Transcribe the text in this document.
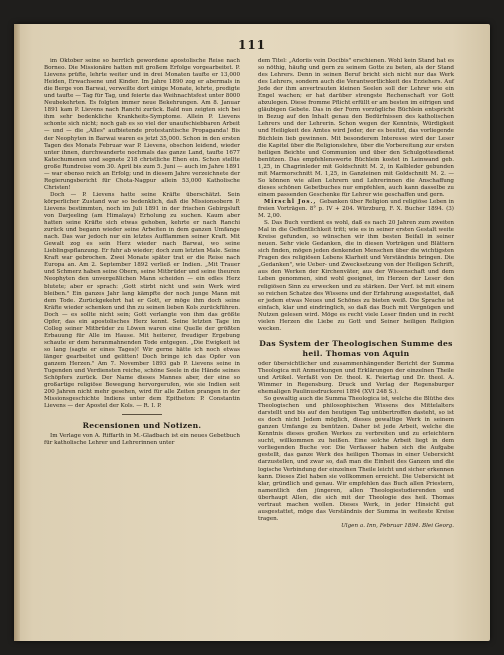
111

im Oktober seine so herrlich gewordene apostolische Reise nach Borneo. Die Missionäre hatten mit großem Erfolge vorgearbeitet. P. Lievens prüfte, lehrte weiter und in drei Monaten taufte er 13,000 Heiden, Erwachsene und Kinder. Im Jahre 1890 zog er abermals in die Berge von Barwai, verweilte dort einige Monate, lehrte, predigte und taufte — Tag für Tag, und feierte das Weihnachtsfest unter 8000 Neubekehrten. Es folgten immer neue Bekehrungen. Am 8. Januar 1891 kam P. Lievens nach Ranchi zurück. Bald nun zeigten sich bei ihm sehr bedenkliche Krankheits-Symptome. Allein P. Lievens schonte sich nicht; noch gab es so viel der unaufschiebbaren Arbeit — und — die „Alles" aufbietende protestantische Propaganda! Bis der Neophyten in Barwai waren es jetzt 35,000. Schon in den ersten Tagen des Monats Februar war P. Lievens, obschon leidend, wieder unter ihnen, durchwanderte nochmals das ganze Land, taufte 1677 Katechumenen und segnete 218 christliche Ehen ein. Schon stellte große Rundreise vom 30. April bis zum 5. Juni — auch im Jahre 1891 — war ebenso reich an Erfolg; und in diesem Jahre verzeichnete der Regierungsbericht für Chota-Nagpur allein 53,000 Katholische Christen!

Doch — P. Lievens hatte seine Kräfte überschätzt. Sein körperlicher Zustand war so bedenklich, daß die Missionsobern P. Lievens bestimmten, noch im Juli 1891 in der frischen Gebirgsluft von Darjeeling (am Himalaya) Erholung zu suchen. Kaum aber hatten seine Kräfte sich etwas gehoben, kehrte er nach Ranchi zurück und begann wieder seine Arbeiten in dem ganzen Umfange nach. Das war jedoch nur ein letztes Aufflammen seiner Kraft. Mit Gewalt zog es sein Herz wieder nach Barwai, wo seine Lieblingspflanzung. Er fuhr ab wieder; doch zum letzten Male. Seine Kraft war gebrochen. Zwei Monate später trat er die Reise nach Europa an. Am 2. September 1892 verließ er Indien. „Mit Trauer und Schmerz haben seine Obern, seine Mitbrüder und seine theuren Neophyten den unvergeßlichen Mann scheiden — ein edles Herz blutete; aber er sprach: ‚Gott stirbt nicht und sein Werk wird bleiben." Ein ganzes Jahr lang kämpfte der noch junge Mann mit dem Tode. Zurückgekehrt hat er Gott, er möge ihm doch seine Kräfte wieder schenken und ihn zu seinen lieben Kols zurückführen. Doch — es sollte nicht sein; Gott verlangte von ihm das größte Opfer, das ein apostolisches Herz kennt. Seine letzten Tage im Colleg seiner Mitbrüder zu Löwen waren eine Quelle der größten Erbauung für Alle im Hause. Mit heiterer, freudiger Ergebung schaute er dem heranmahnenden Tode entgegen. „Die Ewigkeit ist so lang (sagte er eines Tages)! Wir gerne hätte ich noch etwas länger gearbeitet und gelitten! Doch bringe ich das Opfer von ganzem Herzen." Am 7. November 1893 gab P. Lievens seine in Tugenden und Verdiensten reiche, schöne Seele in die Hände seines Schöpfers zurück. Der Name dieses Mannes aber, der eine so großartige religiöse Bewegung hervorgerufen, wie sie Indien seit 200 Jahren nicht mehr gesehen, wird für alle Zeiten prangen in der Missionsgeschichte Indiens unter dem Epitheton: P. Constantin Lievens — der Apostel der Kols. — R. I. P.

Recensionen und Notizen.

Im Verlage von A. Riffarth in M.-Gladbach ist ein neues Gebetbuch für katholische Lehrer und Lehrerinnen unter

dem Titel: „Adoriis vein Docibis" erschienen. Wohl kein Stand hat es so nöthig, häufig und gern zu seinem Gotte zu beten, als der Stand des Lehrers. Denn in seinen Beruf bricht sich nicht nur das Werk des Lehrers, sondern auch die Verantwortlichkeit des Erziehers. Auf Jede der ihm anvertrauten kleinen Seelen soll der Lehrer wie ein Engel wachen; er hat darüber strengste Rechenschaft vor Gott abzulegen. Diese fromme Pflicht erfüllt er am besten im eifrigen und gläubigen Gebete. Das in der Form vorzügliche Büchlein entspricht in Bezug auf den Inhalt genau den Bedürfnissen des katholischen Lehrers und der Lehrerin. Schon wegen der Kenntnis, Würdigkeit und Heiligkeit des Amtes wird Jeder, der es besitzt, das vorliegende Büchlein lieb gewinnen. Mit besonderem Interesse wird der Leser die Kapitel über die Religionslehre, über die Vorbereitung zur ersten heiligen Beichte und Communion und über den Schulgottesdienst benützen. Das empfehlenswerte Büchlein kostet in Leinwand geb. 1,25, in Chagrinleder mit Goldschnitt M. 2, in Kalbleder gebunden mit Marmorschnitt M. 1,25, in Ganzleinen mit Goldschnitt M. 2. — So können wie allen Lehrern und Lehrerinnen die Anschaffung dieses schönen Gebetbuches nur empfehlen, auch kann dasselbe zu einem passenden Geschenke für Lehrer wie geschaffen und gern.

Mirschl Jos., Gebanken über Religion und religiöse Leben in freien Vorträgen. 8° p. IV + 204. Würzburg, F. X. Bucher 1894. (3) M. 2,00.

S. Das Buch verdient es wohl, daß es nach 20 Jahren zum zweiten Mal in die Oeffentlichkeit tritt; wie es in seiner ersten Gestalt weite Kreise gefunden, so wünschen wir ihm besten Beifall in seiner neuen. Sehr viele Gedanken, die in diesen Vorträgen und Blättern sich finden, mögen jeden denkenden Menschen über die wichtigsten Fragen des religiösen Lebens Klarheit und Verständnis bringen. Die „Gedanken", wie Ueber- und Zwecksetzung von der Heiligen Schrift, aus den Werken der Kirchenväter, aus der Wissenschaft und dem Leben genommen, sind wohl geeignet, im Herzen der Leser den religiösen Sinn zu erwecken und zu stärken. Der Verf. ist mit einem so reichen Schatze des Wissens und der Erfahrung ausgestattet, daß er jedem etwas Neues und Schönes zu bieten weiß. Die Sprache ist einfach, klar und eindringlich, so daß das Buch mit Vergnügen und Nutzen gelesen wird. Möge es recht viele Leser finden und in recht vielen Herzen die Liebe zu Gott und Seiner heiligen Religion wecken.

Das System der Theologischen Summe des heil. Thomas von Aquin

oder übersichtlicher und zusammenhängender Bericht der Summa Theologica mit Anmerkungen und Erklärungen der einzelnen Theile und Artikel. Verfaßt von Dr. theol. K. Feiertag und Dr. theol. A. Wimmer in Regensburg. Druck und Verlag der Regensburger ehemaligen Paulinusdruckerei 1894 (XVI 248 S.).

So gewaltig auch die Summa Theologica ist, welche die Blüthe des Theologischen und philosophischen Wissens des Mittelalters darstellt und bis auf den heutigen Tag unübertroffen dasteht, so ist es doch nicht Jedem möglich, dieses gewaltige Werk in seinem ganzen Umfange zu benützen. Daher ist jede Arbeit, welche die Kenntnis dieses großen Werkes zu verbreiten und zu erleichtern sucht, willkommen zu heißen. Eine solche Arbeit liegt in dem vorliegenden Buche vor. Die Verfasser haben sich die Aufgabe gestellt, das ganze Werk des heiligen Thomas in einer Uebersicht darzustellen, und zwar so, daß man die Einheit des Ganzen und die logische Verbindung der einzelnen Theile leicht und sicher erkennen kann. Dieses Ziel haben sie vollkommen erreicht. Die Uebersicht ist klar, gründlich und genau. Wir empfehlen das Buch allen Priestern, namentlich den jüngeren, allen Theologiestudierenden und überhaupt Allen, die sich mit der Theologie des heil. Thomas vertraut machen wollen. Dieses Werk, in jeder Hinsicht gut ausgestattet, möge das Verständnis der Summa in weiteste Kreise tragen.

Ulgen a. Inn, Februar 1894. Blei Georg.
